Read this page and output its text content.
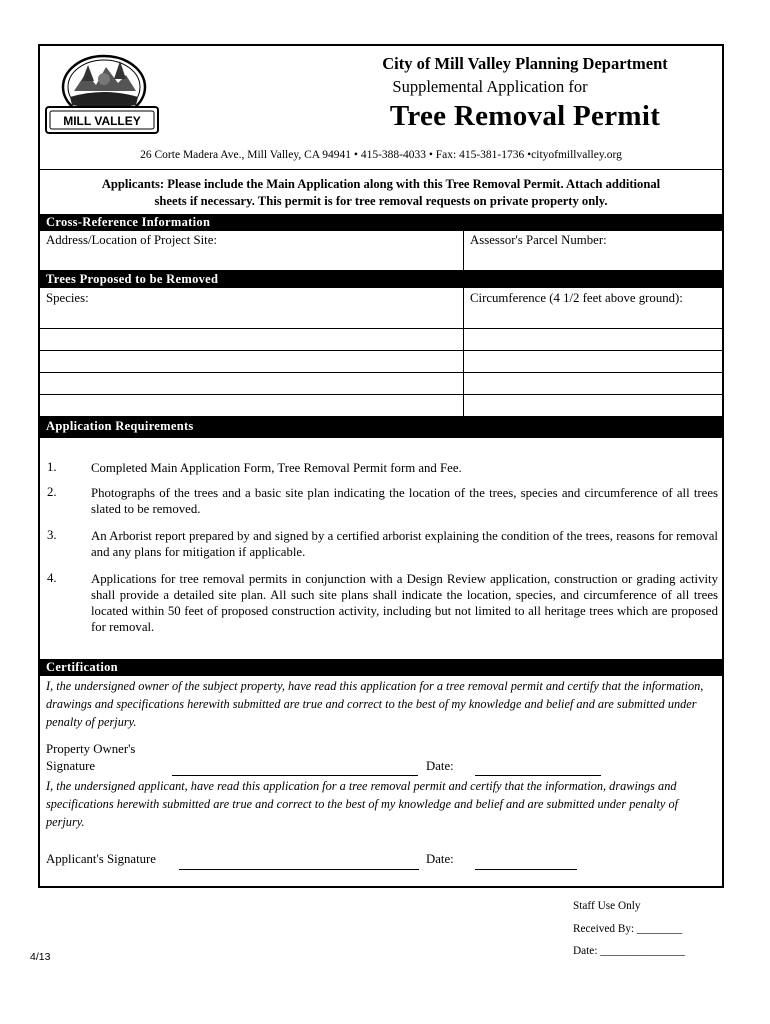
MILL VALLEY
City of Mill Valley Planning Department
Supplemental Application for
Tree Removal Permit
26 Corte Madera Ave., Mill Valley, CA 94941 • 415-388-4033 • Fax: 415-381-1736 •cityofmillvalley.org
Applicants: Please include the Main Application along with this Tree Removal Permit. Attach additional
sheets if necessary. This permit is for tree removal requests on private property only.
Cross-Reference Information
Address/Location of Project Site:	Assessor's Parcel Number:
Trees Proposed to be Removed
Species:	Circumference (4 1/2 feet above ground):
Application Requirements
1.	Completed Main Application Form, Tree Removal Permit form and Fee.
2.	Photographs of the trees and a basic site plan indicating the location of the trees, species and circumference of all trees slated to be removed.
3.	An Arborist report prepared by and signed by a certified arborist explaining the condition of the trees, reasons for removal and any plans for mitigation if applicable.
4.	Applications for tree removal permits in conjunction with a Design Review application, construction or grading activity shall provide a detailed site plan. All such site plans shall indicate the location, species, and circumference of all trees located within 50 feet of proposed construction activity, including but not limited to all heritage trees which are proposed for removal.
Certification
I, the undersigned owner of the subject property, have read this application for a tree removal permit and certify that the information, drawings and specifications herewith submitted are true and correct to the best of my knowledge and belief and are submitted under penalty of perjury.
Property Owner's
Signature	Date:
I, the undersigned applicant, have read this application for a tree removal permit and certify that the information, drawings and specifications herewith submitted are true and correct to the best of my knowledge and belief and are submitted under penalty of perjury.
Applicant's Signature	Date:
Staff Use Only
Received By: ________
Date: _______________
4/13
